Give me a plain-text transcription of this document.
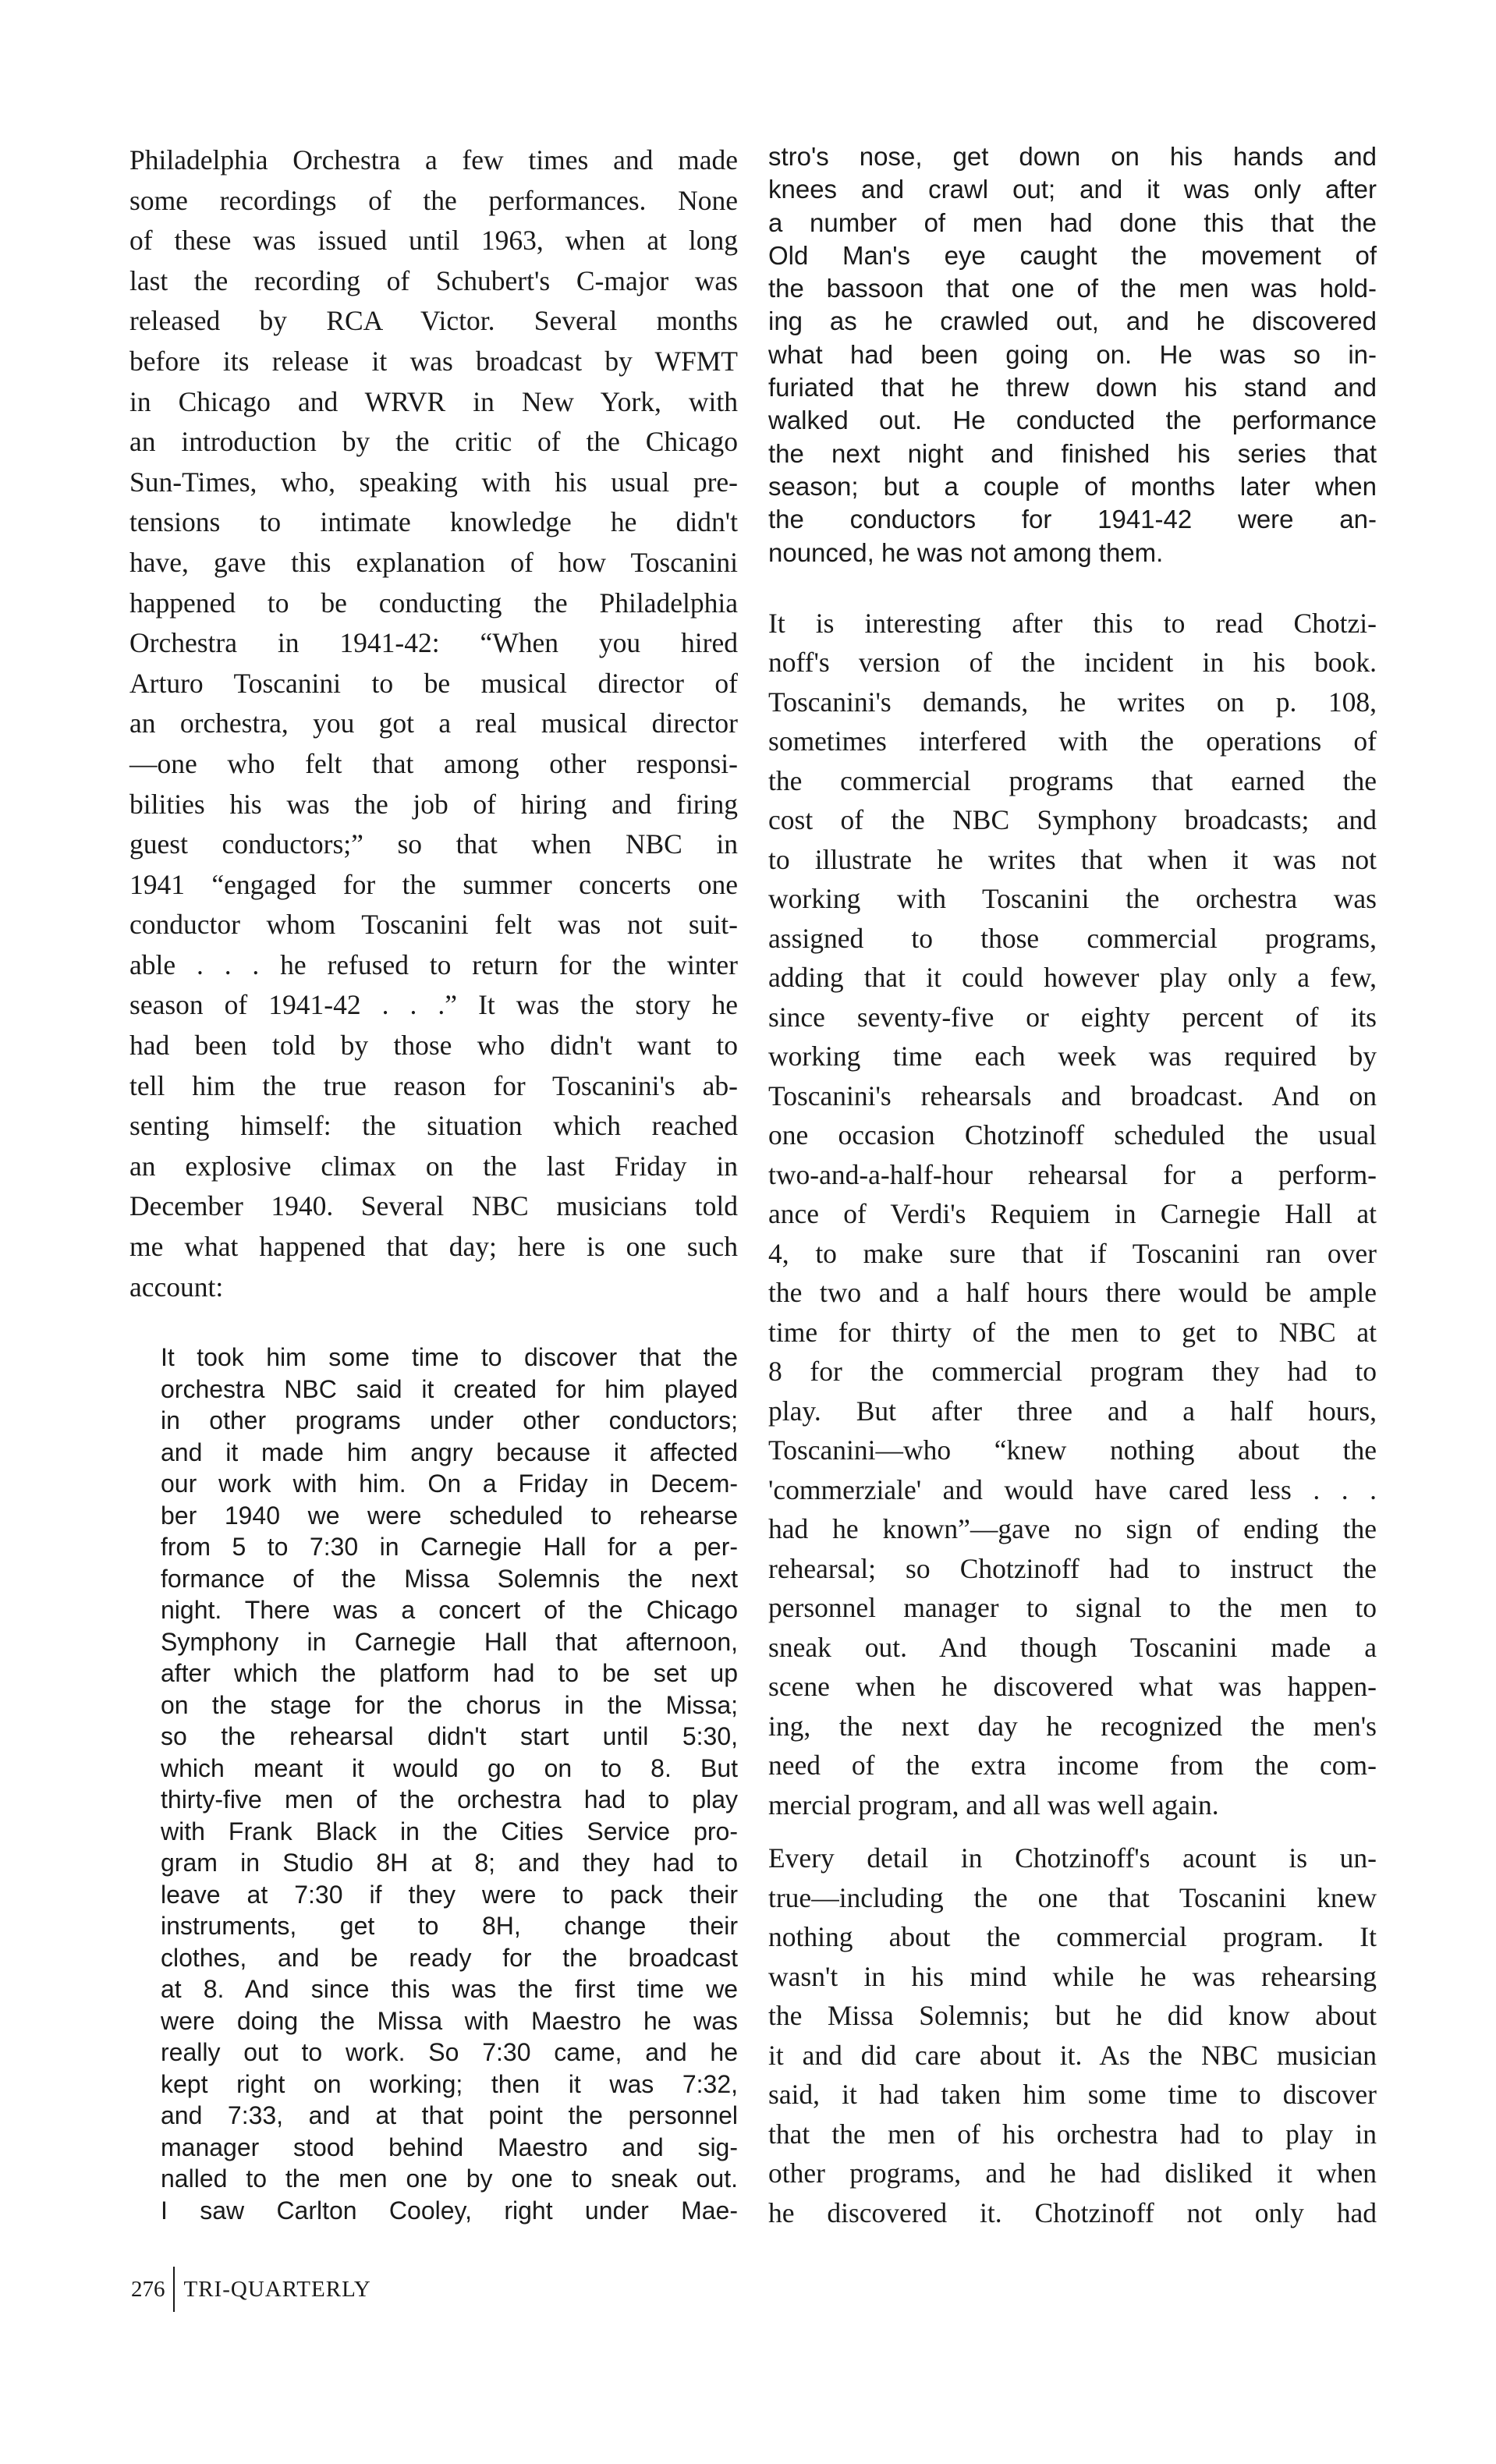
Philadelphia Orchestra a few times and made
some recordings of the performances. None
of these was issued until 1963, when at long
last the recording of Schubert's C-major was
released by RCA Victor. Several months
before its release it was broadcast by WFMT
in Chicago and WRVR in New York, with
an introduction by the critic of the Chicago
Sun-Times, who, speaking with his usual pre-
tensions to intimate knowledge he didn't
have, gave this explanation of how Toscanini
happened to be conducting the Philadelphia
Orchestra in 1941-42: “When you hired
Arturo Toscanini to be musical director of
an orchestra, you got a real musical director
—one who felt that among other responsi-
bilities his was the job of hiring and firing
guest conductors;” so that when NBC in
1941 “engaged for the summer concerts one
conductor whom Toscanini felt was not suit-
able . . . he refused to return for the winter
season of 1941-42 . . .” It was the story he
had been told by those who didn't want to
tell him the true reason for Toscanini's ab-
senting himself: the situation which reached
an explosive climax on the last Friday in
December 1940. Several NBC musicians told
me what happened that day; here is one such
account:
It took him some time to discover that the
orchestra NBC said it created for him played
in other programs under other conductors;
and it made him angry because it affected
our work with him. On a Friday in Decem-
ber 1940 we were scheduled to rehearse
from 5 to 7:30 in Carnegie Hall for a per-
formance of the Missa Solemnis the next
night. There was a concert of the Chicago
Symphony in Carnegie Hall that afternoon,
after which the platform had to be set up
on the stage for the chorus in the Missa;
so the rehearsal didn't start until 5:30,
which meant it would go on to 8. But
thirty-five men of the orchestra had to play
with Frank Black in the Cities Service pro-
gram in Studio 8H at 8; and they had to
leave at 7:30 if they were to pack their
instruments, get to 8H, change their
clothes, and be ready for the broadcast
at 8. And since this was the first time we
were doing the Missa with Maestro he was
really out to work. So 7:30 came, and he
kept right on working; then it was 7:32,
and 7:33, and at that point the personnel
manager stood behind Maestro and sig-
nalled to the men one by one to sneak out.
I saw Carlton Cooley, right under Mae-
stro's nose, get down on his hands and
knees and crawl out; and it was only after
a number of men had done this that the
Old Man's eye caught the movement of
the bassoon that one of the men was hold-
ing as he crawled out, and he discovered
what had been going on. He was so in-
furiated that he threw down his stand and
walked out. He conducted the performance
the next night and finished his series that
season; but a couple of months later when
the conductors for 1941-42 were an-
nounced, he was not among them.
It is interesting after this to read Chotzi-
noff's version of the incident in his book.
Toscanini's demands, he writes on p. 108,
sometimes interfered with the operations of
the commercial programs that earned the
cost of the NBC Symphony broadcasts; and
to illustrate he writes that when it was not
working with Toscanini the orchestra was
assigned to those commercial programs,
adding that it could however play only a few,
since seventy-five or eighty percent of its
working time each week was required by
Toscanini's rehearsals and broadcast. And on
one occasion Chotzinoff scheduled the usual
two-and-a-half-hour rehearsal for a perform-
ance of Verdi's Requiem in Carnegie Hall at
4, to make sure that if Toscanini ran over
the two and a half hours there would be ample
time for thirty of the men to get to NBC at
8 for the commercial program they had to
play. But after three and a half hours,
Toscanini—who “knew nothing about the
'commerziale' and would have cared less . . .
had he known”—gave no sign of ending the
rehearsal; so Chotzinoff had to instruct the
personnel manager to signal to the men to
sneak out. And though Toscanini made a
scene when he discovered what was happen-
ing, the next day he recognized the men's
need of the extra income from the com-
mercial program, and all was well again.
Every detail in Chotzinoff's acount is un-
true—including the one that Toscanini knew
nothing about the commercial program. It
wasn't in his mind while he was rehearsing
the Missa Solemnis; but he did know about
it and did care about it. As the NBC musician
said, it had taken him some time to discover
that the men of his orchestra had to play in
other programs, and he had disliked it when
he discovered it. Chotzinoff not only had
276 TRI-QUARTERLY
